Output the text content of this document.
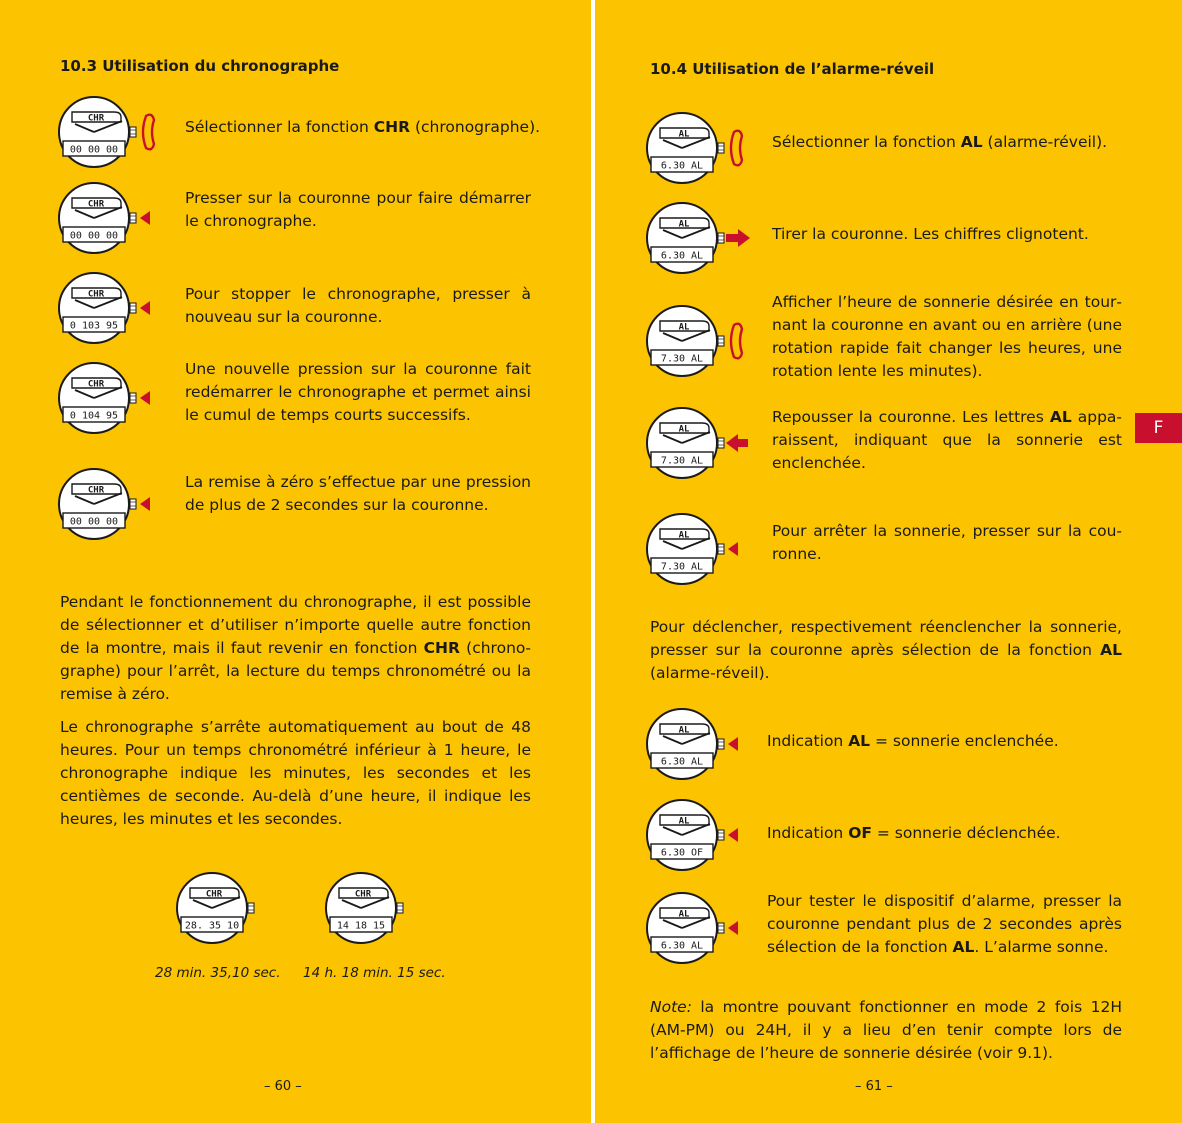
10.3 Utilisation du chronographe
CHR
00 00 00
Sélectionner la fonction CHR (chronographe).
CHR
00 00 00
Presser sur la couronne pour faire démarrer le chronographe.
CHR
0 103 95
Pour stopper le chronographe, presser à nouveau sur la couronne.
CHR
0 104 95
Une nouvelle pression sur la couronne fait redémarrer le chronographe et permet ainsi le cumul de temps courts successifs.
CHR
00 00 00
La remise à zéro s’effectue par une pression de plus de 2 secondes sur la couronne.

Pendant le fonctionnement du chronographe, il est possible de sélectionner et d’utiliser n’importe quelle autre fonction de la montre, mais il faut revenir en fonction CHR (chronographe) pour l’arrêt, la lecture du temps chronométré ou la remise à zéro.

Le chronographe s’arrête automatiquement au bout de 48 heures. Pour un temps chronométré inférieur à 1 heure, le chronographe indique les minutes, les secondes et les centièmes de seconde. Au-delà d’une heure, il indique les heures, les minutes et les secondes.

CHR
28. 35 10
CHR
14 18 15
28 min. 35,10 sec. 14 h. 18 min. 15 sec.
– 60 –
10.4 Utilisation de l’alarme-réveil
AL
6.30 AL
Sélectionner la fonction AL (alarme-réveil).
AL
6.30 AL
Tirer la couronne. Les chiffres clignotent.
AL
7.30 AL
Afficher l’heure de sonnerie désirée en tournant la couronne en avant ou en arrière (une rotation rapide fait changer les heures, une rotation lente les minutes).
AL
7.30 AL
Repousser la couronne. Les lettres AL apparaissent, indiquant que la sonnerie est enclenchée.
AL
7.30 AL
Pour arrêter la sonnerie, presser sur la couronne.

Pour déclencher, respectivement réenclencher la sonnerie, presser sur la couronne après sélection de la fonction AL (alarme-réveil).

AL
6.30 AL
Indication AL = sonnerie enclenchée.
AL
6.30 OF
Indication OF = sonnerie déclenchée.
AL
6.30 AL
Pour tester le dispositif d’alarme, presser la couronne pendant plus de 2 secondes après sélection de la fonction AL. L’alarme sonne.

Note: la montre pouvant fonctionner en mode 2 fois 12H (AM-PM) ou 24H, il y a lieu d’en tenir compte lors de l’affichage de l’heure de sonnerie désirée (voir 9.1).

– 61 –
F
